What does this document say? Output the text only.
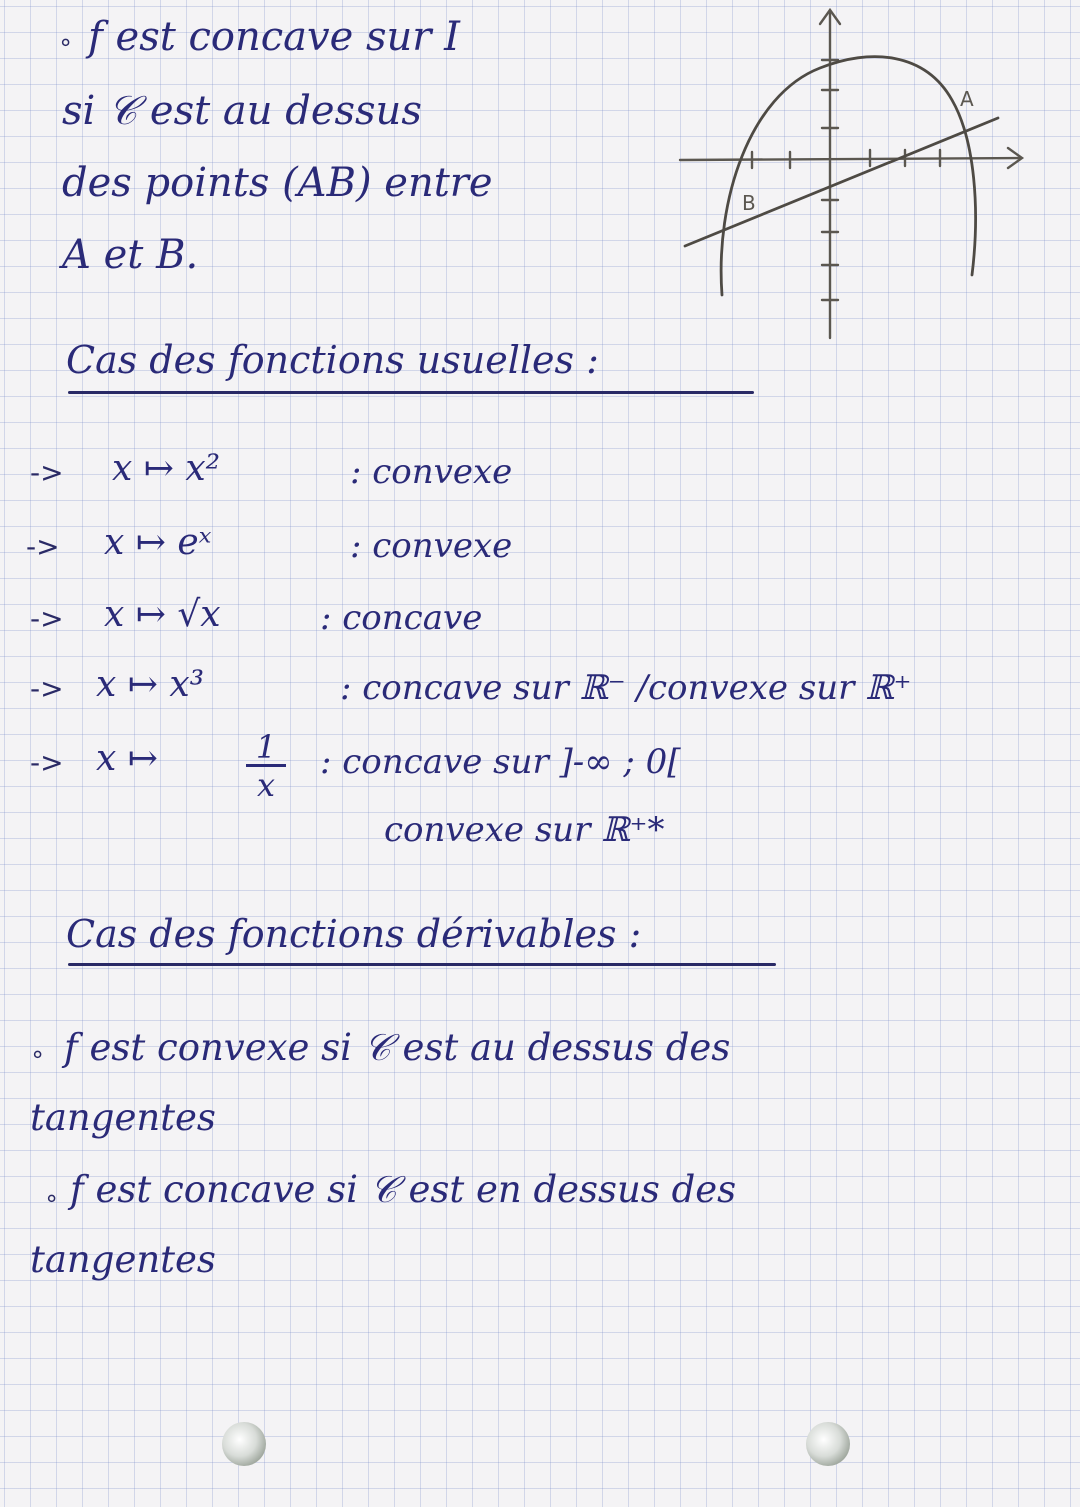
∘ f est concave sur I
si 𝒞 est au dessus
des points (AB) entre
A et B.
A
B
Cas des fonctions usuelles :
-> x ↦ x²	: convexe
-> x ↦ eˣ	: convexe
-> x ↦ √x	: concave
-> x ↦ x³	: concave sur ℝ⁻ /convexe sur ℝ⁺
-> x ↦	$\frac{1}{x}$ : concave sur ]-∞ ; 0[
convexe sur ℝ⁺*
Cas des fonctions dérivables :
∘ f est convexe si 𝒞 est au dessus des
tangentes
∘ f est concave si 𝒞 est en dessus des
tangentes
